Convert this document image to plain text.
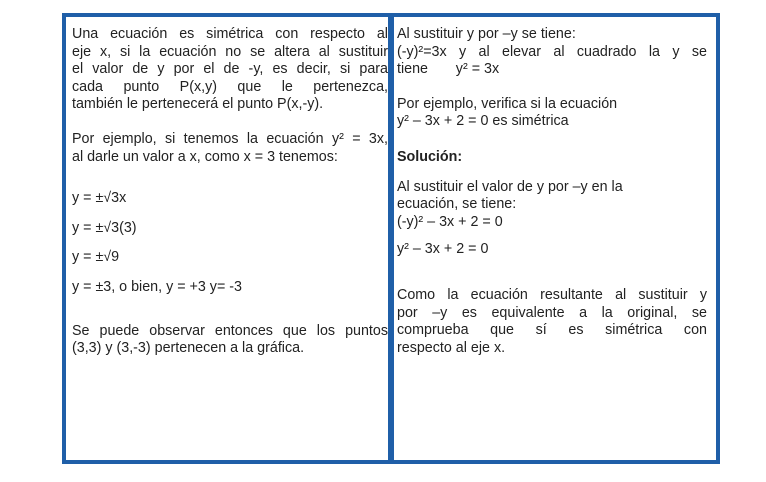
Una ecuación es simétrica con respecto al

eje x, si la ecuación no se altera al sustituir

el valor de y por el de -y, es decir, si para

cada punto P(x,y) que le pertenezca,

también le pertenecerá el punto P(x,-y).

Por ejemplo, si tenemos la ecuación y² = 3x,

al darle un valor a x, como x = 3 tenemos:

y = ±√3x

y = ±√3(3)

y = ±√9

y = ±3, o bien, y = +3 y= -3

Se puede observar entonces que los puntos

(3,3) y (3,-3) pertenecen a la gráfica.

Al sustituir y por –y se tiene:

(-y)²=3x y al elevar al cuadrado la y se

tiene       y² = 3x

Por ejemplo, verifica si la ecuación

y² – 3x + 2 = 0 es simétrica

Solución:

Al sustituir el valor de y por –y en la

ecuación, se tiene:

(-y)² – 3x + 2 = 0

y² – 3x + 2 = 0

Como la ecuación resultante al sustituir y

por –y es equivalente a la original, se

comprueba que sí es simétrica con

respecto al eje x.
